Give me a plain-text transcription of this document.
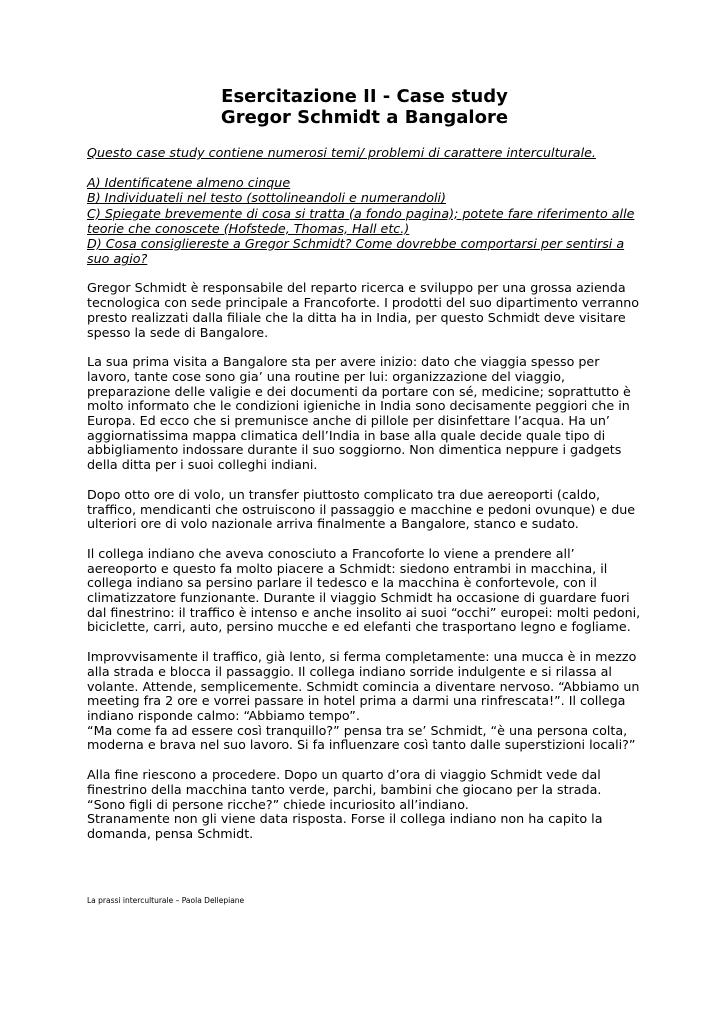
Esercitazione II - Case study
Gregor Schmidt a Bangalore
Questo case study contiene numerosi temi/ problemi di carattere interculturale.
A) Identificatene almeno cinque
B) Individuateli nel testo (sottolineandoli e numerandoli)
C) Spiegate brevemente di cosa si tratta (a fondo pagina); potete fare riferimento alle teorie che conoscete (Hofstede, Thomas, Hall etc.)
D) Cosa consigliereste a Gregor Schmidt? Come dovrebbe comportarsi per sentirsi a suo agio?
Gregor Schmidt è responsabile del reparto ricerca e sviluppo per una grossa azienda tecnologica con sede principale a Francoforte. I prodotti del suo dipartimento verranno presto realizzati dalla filiale che la ditta ha in India, per questo Schmidt deve visitare spesso la sede di Bangalore.
La sua prima visita a Bangalore sta per avere inizio: dato che viaggia spesso per lavoro, tante cose sono gia’ una routine per lui: organizzazione del viaggio, preparazione delle valigie e dei documenti da portare con sé, medicine; soprattutto è molto informato che le condizioni igieniche in India sono decisamente peggiori che in Europa. Ed ecco che si premunisce anche di pillole per disinfettare l’acqua. Ha un’ aggiornatissima mappa climatica dell’India in base alla quale decide quale tipo di abbigliamento indossare durante il suo soggiorno. Non dimentica neppure i gadgets della ditta per i suoi colleghi indiani.
Dopo otto ore di volo, un transfer piuttosto complicato tra due aereoporti (caldo, traffico, mendicanti che ostruiscono il passaggio e macchine e pedoni ovunque) e due ulteriori ore di volo nazionale arriva finalmente a Bangalore, stanco e sudato.
Il collega indiano che aveva conosciuto a Francoforte lo viene a prendere all’ aereoporto e questo fa molto piacere a Schmidt: siedono entrambi in macchina, il collega indiano sa persino parlare il tedesco e la macchina è confortevole, con il climatizzatore funzionante. Durante il viaggio Schmidt ha occasione di guardare fuori dal finestrino: il traffico è intenso e anche insolito ai suoi “occhi” europei: molti pedoni, biciclette, carri, auto, persino mucche e ed elefanti che trasportano legno e fogliame.
Improvvisamente il traffico, già lento, si ferma completamente: una mucca è in mezzo alla strada e blocca il passaggio. Il collega indiano sorride indulgente e si rilassa al volante. Attende, semplicemente. Schmidt comincia a diventare nervoso. “Abbiamo un meeting fra 2 ore e vorrei passare in hotel prima a darmi una rinfrescata!”. Il collega indiano risponde calmo: “Abbiamo tempo”.
“Ma come fa ad essere così tranquillo?” pensa tra se’ Schmidt, “è una persona colta, moderna e brava nel suo lavoro. Si fa influenzare così tanto dalle superstizioni locali?”
Alla fine riescono a procedere. Dopo un quarto d’ora di viaggio Schmidt vede dal finestrino della macchina tanto verde, parchi, bambini che giocano per la strada. “Sono figli di persone ricche?” chiede incuriosito all’indiano.
Stranamente non gli viene data risposta. Forse il collega indiano non ha capito la domanda, pensa Schmidt.
La prassi interculturale – Paola Dellepiane
